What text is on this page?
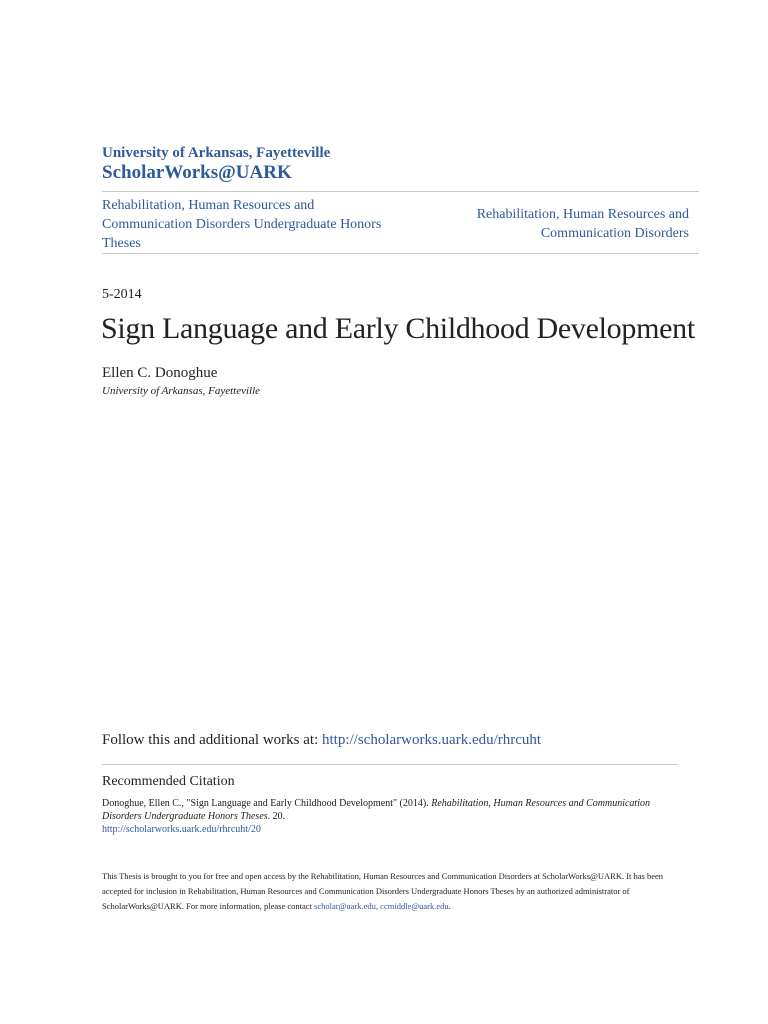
University of Arkansas, Fayetteville
ScholarWorks@UARK
Rehabilitation, Human Resources and Communication Disorders Undergraduate Honors Theses
Rehabilitation, Human Resources and Communication Disorders
5-2014
Sign Language and Early Childhood Development
Ellen C. Donoghue
University of Arkansas, Fayetteville
Follow this and additional works at: http://scholarworks.uark.edu/rhrcuht
Recommended Citation
Donoghue, Ellen C., "Sign Language and Early Childhood Development" (2014). Rehabilitation, Human Resources and Communication Disorders Undergraduate Honors Theses. 20.
http://scholarworks.uark.edu/rhrcuht/20
This Thesis is brought to you for free and open access by the Rehabilitation, Human Resources and Communication Disorders at ScholarWorks@UARK. It has been accepted for inclusion in Rehabilitation, Human Resources and Communication Disorders Undergraduate Honors Theses by an authorized administrator of ScholarWorks@UARK. For more information, please contact scholar@uark.edu, ccmiddle@uark.edu.
